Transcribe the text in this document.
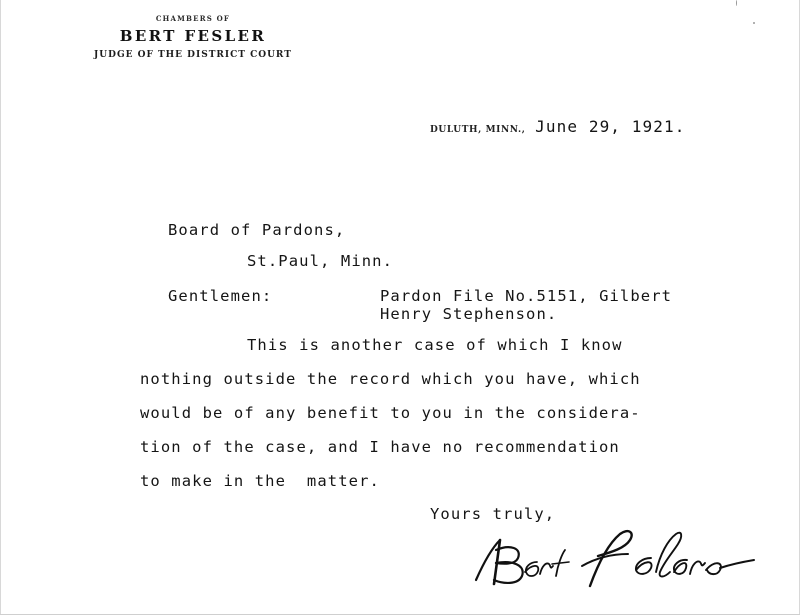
CHAMBERS OF
BERT FESLER
JUDGE OF THE DISTRICT COURT
DULUTH, MINN., June 29, 1921.
Board of Pardons,
St.Paul, Minn.
Gentlemen:	Pardon File No.5151, Gilbert
Henry Stephenson.
This is another case of which I know
nothing outside the record which you have, which
would be of any benefit to you in the considera-
tion of the case, and I have no recommendation
to make in the  matter.
Yours truly,
